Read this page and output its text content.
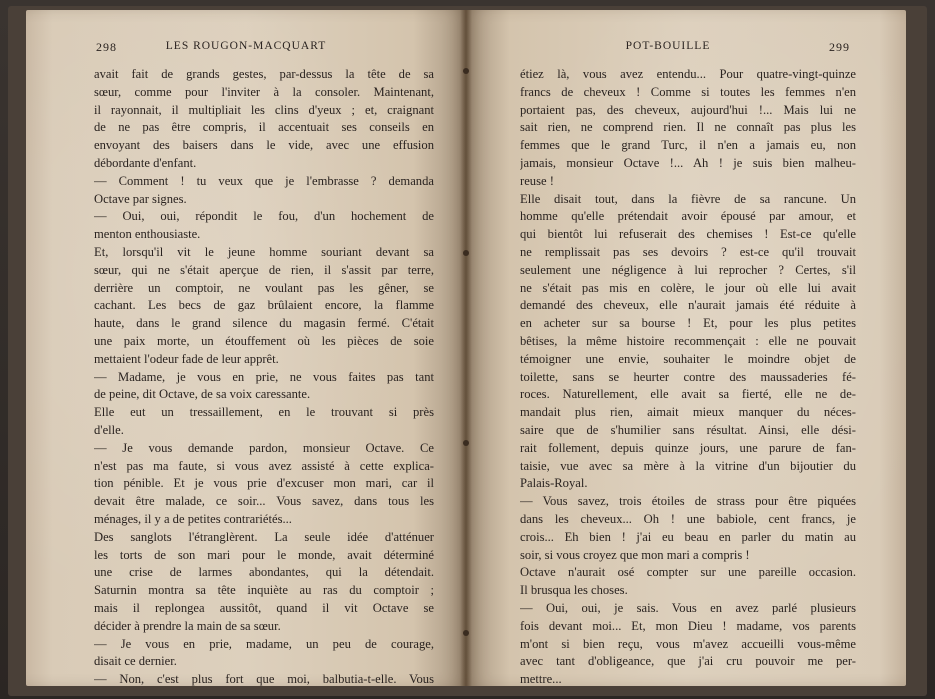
298	LES ROUGON-MACQUART
avait fait de grands gestes, par-dessus la tête de sa
sœur, comme pour l'inviter à la consoler. Maintenant,
il rayonnait, il multipliait les clins d'yeux ; et, craignant
de ne pas être compris, il accentuait ses conseils en
envoyant des baisers dans le vide, avec une effusion
débordante d'enfant.
— Comment ! tu veux que je l'embrasse ? demanda
Octave par signes.
— Oui, oui, répondit le fou, d'un hochement de
menton enthousiaste.
Et, lorsqu'il vit le jeune homme souriant devant sa
sœur, qui ne s'était aperçue de rien, il s'assit par terre,
derrière un comptoir, ne voulant pas les gêner, se
cachant. Les becs de gaz brûlaient encore, la flamme
haute, dans le grand silence du magasin fermé. C'était
une paix morte, un étouffement où les pièces de soie
mettaient l'odeur fade de leur apprêt.
— Madame, je vous en prie, ne vous faites pas tant
de peine, dit Octave, de sa voix caressante.
Elle eut un tressaillement, en le trouvant si près
d'elle.
— Je vous demande pardon, monsieur Octave. Ce
n'est pas ma faute, si vous avez assisté à cette explica-
tion pénible. Et je vous prie d'excuser mon mari, car il
devait être malade, ce soir... Vous savez, dans tous les
ménages, il y a de petites contrariétés...
Des sanglots l'étranglèrent. La seule idée d'atténuer
les torts de son mari pour le monde, avait déterminé
une crise de larmes abondantes, qui la détendait.
Saturnin montra sa tête inquiète au ras du comptoir ;
mais il replongea aussitôt, quand il vit Octave se
décider à prendre la main de sa sœur.
— Je vous en prie, madame, un peu de courage,
disait ce dernier.
— Non, c'est plus fort que moi, balbutia-t-elle. Vous
POT-BOUILLE	299
étiez là, vous avez entendu... Pour quatre-vingt-quinze
francs de cheveux ! Comme si toutes les femmes n'en
portaient pas, des cheveux, aujourd'hui !... Mais lui ne
sait rien, ne comprend rien. Il ne connaît pas plus les
femmes que le grand Turc, il n'en a jamais eu, non
jamais, monsieur Octave !... Ah ! je suis bien malheu-
reuse !
Elle disait tout, dans la fièvre de sa rancune. Un
homme qu'elle prétendait avoir épousé par amour, et
qui bientôt lui refuserait des chemises ! Est-ce qu'elle
ne remplissait pas ses devoirs ? est-ce qu'il trouvait
seulement une négligence à lui reprocher ? Certes, s'il
ne s'était pas mis en colère, le jour où elle lui avait
demandé des cheveux, elle n'aurait jamais été réduite à
en acheter sur sa bourse ! Et, pour les plus petites
bêtises, la même histoire recommençait : elle ne pouvait
témoigner une envie, souhaiter le moindre objet de
toilette, sans se heurter contre des maussaderies fé-
roces. Naturellement, elle avait sa fierté, elle ne de-
mandait plus rien, aimait mieux manquer du néces-
saire que de s'humilier sans résultat. Ainsi, elle dési-
rait follement, depuis quinze jours, une parure de fan-
taisie, vue avec sa mère à la vitrine d'un bijoutier du
Palais-Royal.
— Vous savez, trois étoiles de strass pour être piquées
dans les cheveux... Oh ! une babiole, cent francs, je
crois... Eh bien ! j'ai eu beau en parler du matin au
soir, si vous croyez que mon mari a compris !
Octave n'aurait osé compter sur une pareille occasion.
Il brusqua les choses.
— Oui, oui, je sais. Vous en avez parlé plusieurs
fois devant moi... Et, mon Dieu ! madame, vos parents
m'ont si bien reçu, vous m'avez accueilli vous-même
avec tant d'obligeance, que j'ai cru pouvoir me per-
mettre...
